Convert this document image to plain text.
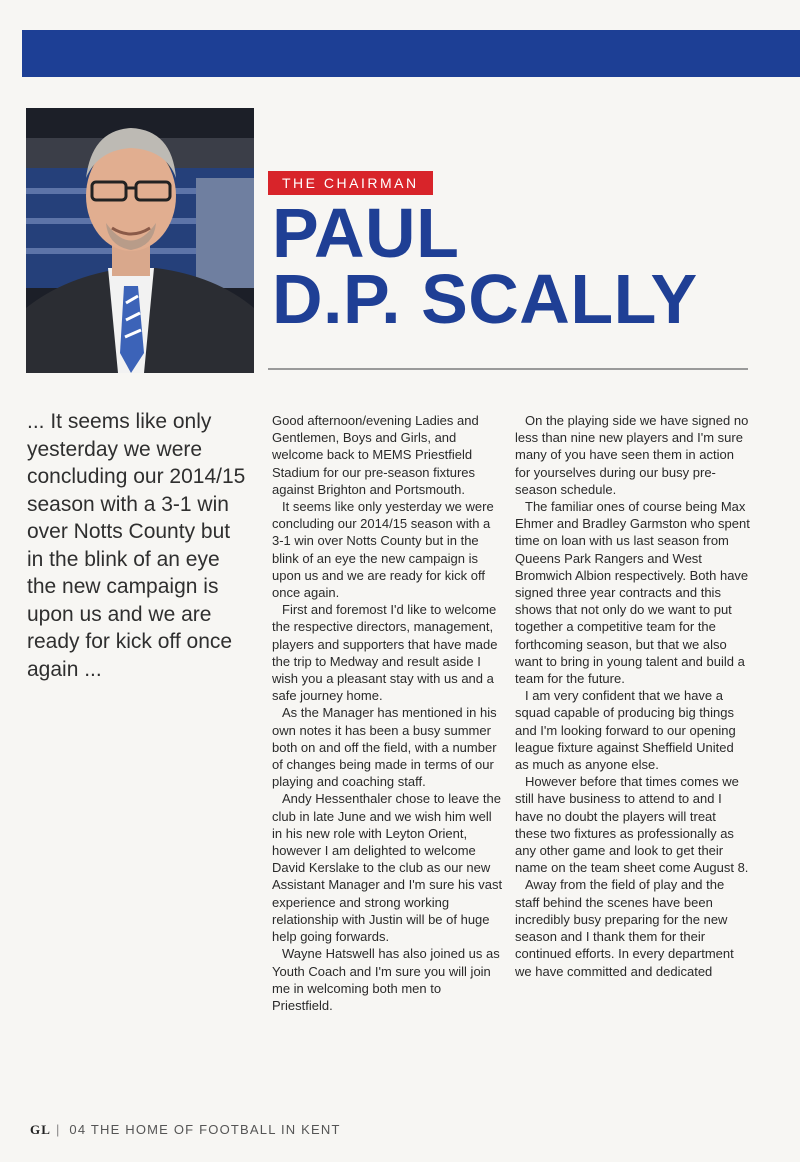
THE CHAIRMAN
PAUL
D.P. SCALLY

... It seems like only yesterday we were concluding our 2014/15 season with a 3-1 win over Notts County but in the blink of an eye the new campaign is upon us and we are ready for kick off once again ...

Good afternoon/evening Ladies and Gentlemen, Boys and Girls, and welcome back to MEMS Priestfield Stadium for our pre-season fixtures against Brighton and Portsmouth.

It seems like only yesterday we were concluding our 2014/15 season with a 3-1 win over Notts County but in the blink of an eye the new campaign is upon us and we are ready for kick off once again.

First and foremost I'd like to welcome the respective directors, management, players and supporters that have made the trip to Medway and result aside I wish you a pleasant stay with us and a safe journey home.

As the Manager has mentioned in his own notes it has been a busy summer both on and off the field, with a number of changes being made in terms of our playing and coaching staff.

Andy Hessenthaler chose to leave the club in late June and we wish him well in his new role with Leyton Orient, however I am delighted to welcome David Kerslake to the club as our new Assistant Manager and I'm sure his vast experience and strong working relationship with Justin will be of huge help going forwards.

Wayne Hatswell has also joined us as Youth Coach and I'm sure you will join me in welcoming both men to Priestfield.

On the playing side we have signed no less than nine new players and I'm sure many of you have seen them in action for yourselves during our busy pre-season schedule.

The familiar ones of course being Max Ehmer and Bradley Garmston who spent time on loan with us last season from Queens Park Rangers and West Bromwich Albion respectively. Both have signed three year contracts and this shows that not only do we want to put together a competitive team for the forthcoming season, but that we also want to bring in young talent and build a team for the future.

I am very confident that we have a squad capable of producing big things and I'm looking forward to our opening league fixture against Sheffield United as much as anyone else.

However before that times comes we still have business to attend to and I have no doubt the players will treat these two fixtures as professionally as any other game and look to get their name on the team sheet come August 8.

Away from the field of play and the staff behind the scenes have been incredibly busy preparing for the new season and I thank them for their continued efforts. In every department we have committed and dedicated

GL | 04 THE HOME OF FOOTBALL IN KENT
